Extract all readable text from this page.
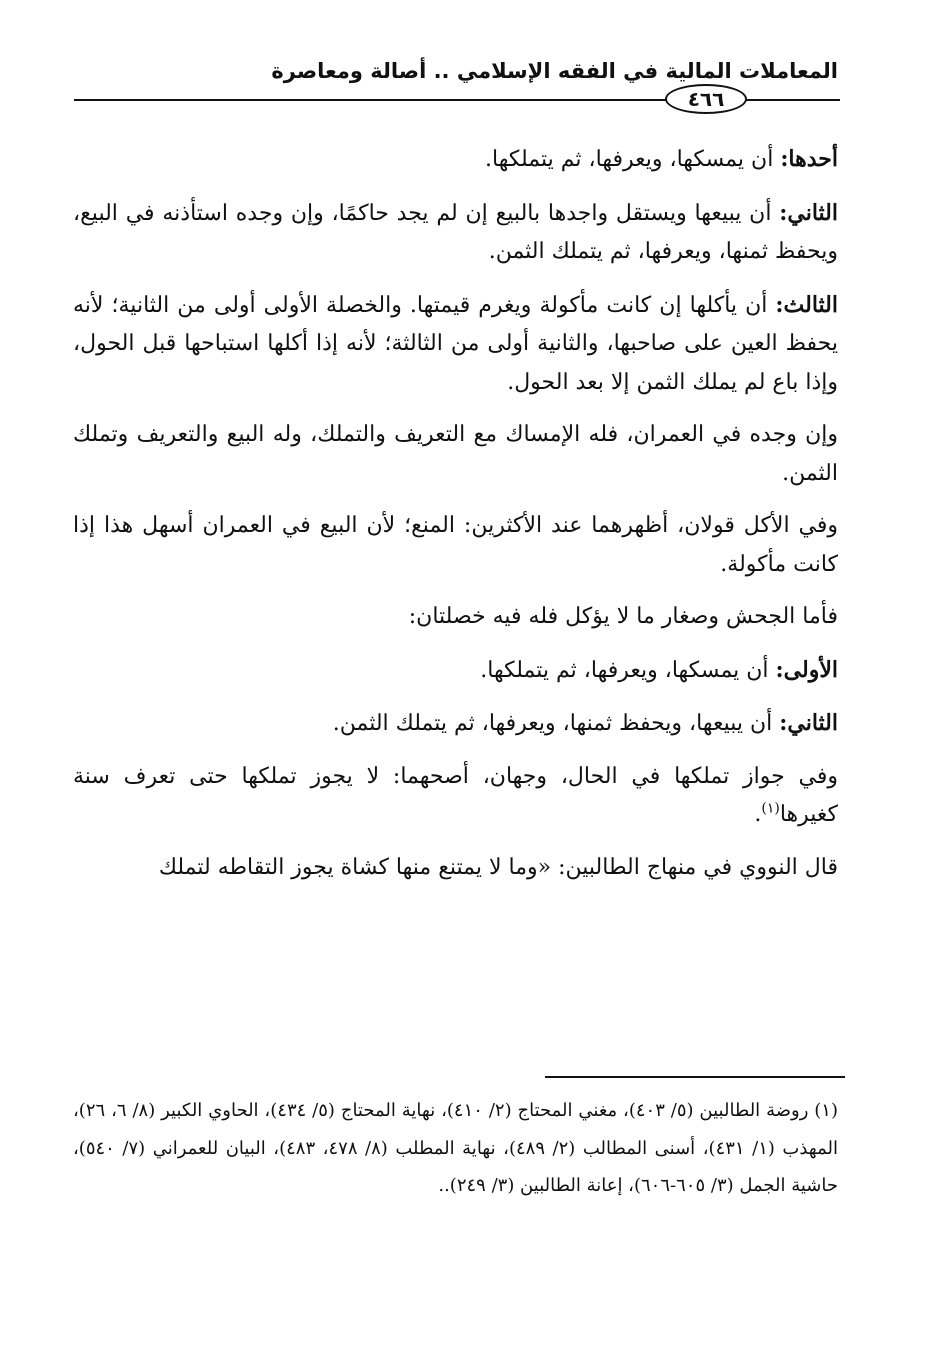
المعاملات المالية في الفقه الإسلامي .. أصالة ومعاصرة
٤٦٦

أحدها: أن يمسكها، ويعرفها، ثم يتملكها.

الثاني: أن يبيعها ويستقل واجدها بالبيع إن لم يجد حاكمًا، وإن وجده استأذنه في البيع، ويحفظ ثمنها، ويعرفها، ثم يتملك الثمن.

الثالث: أن يأكلها إن كانت مأكولة ويغرم قيمتها. والخصلة الأولى أولى من الثانية؛ لأنه يحفظ العين على صاحبها، والثانية أولى من الثالثة؛ لأنه إذا أكلها استباحها قبل الحول، وإذا باع لم يملك الثمن إلا بعد الحول.

وإن وجده في العمران، فله الإمساك مع التعريف والتملك، وله البيع والتعريف وتملك الثمن.

وفي الأكل قولان، أظهرهما عند الأكثرين: المنع؛ لأن البيع في العمران أسهل هذا إذا كانت مأكولة.

فأما الجحش وصغار ما لا يؤكل فله فيه خصلتان:

الأولى: أن يمسكها، ويعرفها، ثم يتملكها.

الثاني: أن يبيعها، ويحفظ ثمنها، ويعرفها، ثم يتملك الثمن.

وفي جواز تملكها في الحال، وجهان، أصحهما: لا يجوز تملكها حتى تعرف سنة كغيرها$^{(١)}$.

قال النووي في منهاج الطالبين: «وما لا يمتنع منها كشاة يجوز التقاطه لتملك

(١) روضة الطالبين (٥/ ٤٠٣)، مغني المحتاج (٢/ ٤١٠)، نهاية المحتاج (٥/ ٤٣٤)، الحاوي الكبير (٨/ ٦، ٢٦)، المهذب (١/ ٤٣١)، أسنى المطالب (٢/ ٤٨٩)، نهاية المطلب (٨/ ٤٧٨، ٤٨٣)، البيان للعمراني (٧/ ٥٤٠)، حاشية الجمل (٣/ ٦٠٥-٦٠٦)، إعانة الطالبين (٣/ ٢٤٩)..
